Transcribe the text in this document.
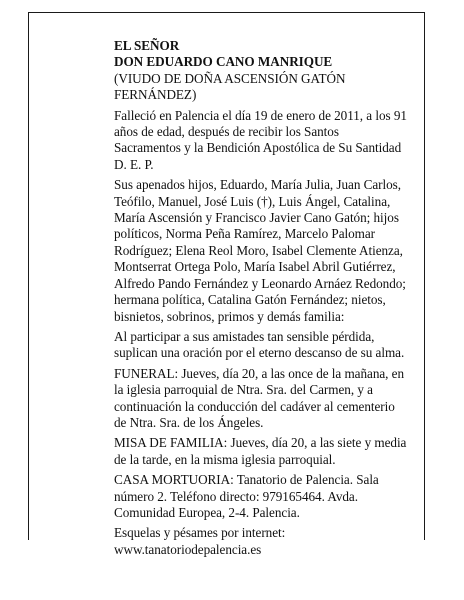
EL SEÑOR
DON EDUARDO CANO MANRIQUE
(VIUDO DE DOÑA ASCENSIÓN GATÓN
FERNÁNDEZ)

Falleció en Palencia el día 19 de enero de 2011, a los 91
años de edad, después de recibir los Santos
Sacramentos y la Bendición Apostólica de Su Santidad
D. E. P.

Sus apenados hijos, Eduardo, María Julia, Juan Carlos,
Teófilo, Manuel, José Luis (†), Luis Ángel, Catalina,
María Ascensión y Francisco Javier Cano Gatón; hijos
políticos, Norma Peña Ramírez, Marcelo Palomar
Rodríguez; Elena Reol Moro, Isabel Clemente Atienza,
Montserrat Ortega Polo, María Isabel Abril Gutiérrez,
Alfredo Pando Fernández y Leonardo Arnáez Redondo;
hermana política, Catalina Gatón Fernández; nietos,
bisnietos, sobrinos, primos y demás familia:

Al participar a sus amistades tan sensible pérdida,
suplican una oración por el eterno descanso de su alma.

FUNERAL: Jueves, día 20, a las once de la mañana, en
la iglesia parroquial de Ntra. Sra. del Carmen, y a
continuación la conducción del cadáver al cementerio
de Ntra. Sra. de los Ángeles.

MISA DE FAMILIA: Jueves, día 20, a las siete y media
de la tarde, en la misma iglesia parroquial.

CASA MORTUORIA: Tanatorio de Palencia. Sala
número 2. Teléfono directo: 979165464. Avda.
Comunidad Europea, 2-4. Palencia.

Esquelas y pésames por internet:
www.tanatoriodepalencia.es
